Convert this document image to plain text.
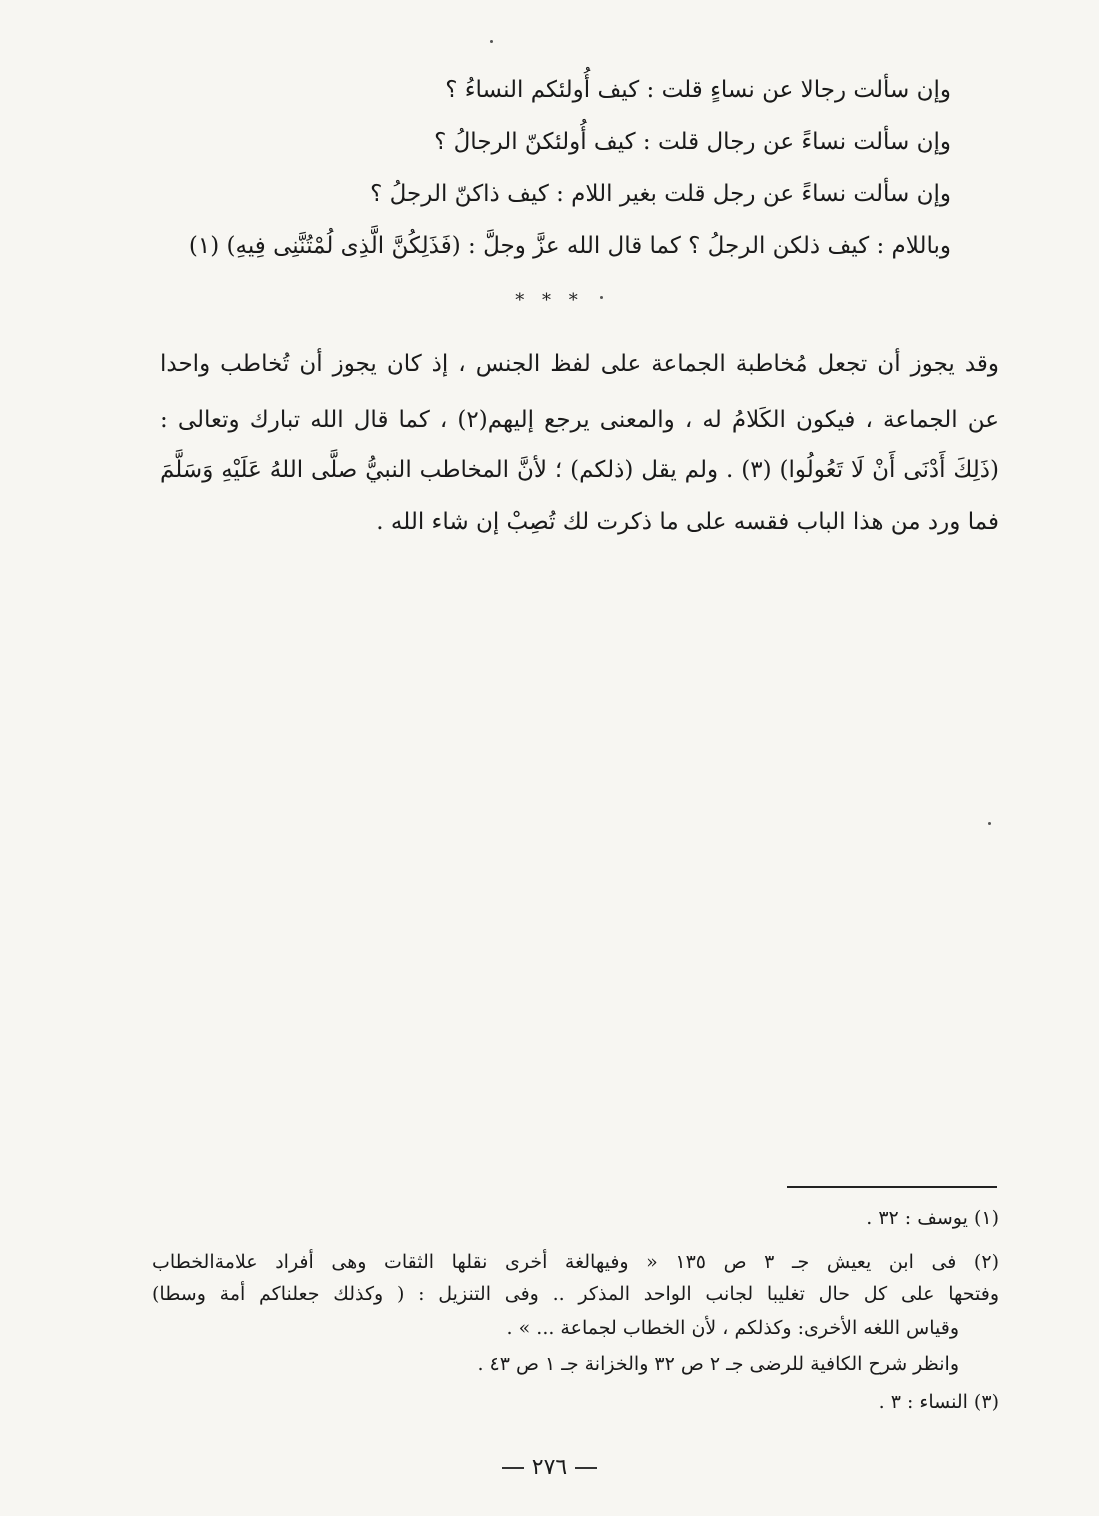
وإن سألت رجالا عن نساءٍ قلت : كيف أُولئكم النساءُ ؟
وإن سألت نساءً عن رجال قلت : كيف أُولئكنّ الرجالُ ؟
وإن سألت نساءً عن رجل قلت بغير اللام : كيف ذاكنّ الرجلُ ؟
وباللام : كيف ذلكن الرجلُ ؟ كما قال الله عزَّ وجلَّ : (فَذَلِكُنَّ الَّذِى لُمْتُنَّنِى فِيهِ) (١)
* * *
وقد يجوز أن تجعل مُخاطبة الجماعة على لفظ الجنس ، إذ كان يجوز أن تُخاطب واحدا
عن الجماعة ، فيكون الكَلامُ له ، والمعنى يرجع إليهم(٢) ، كما قال الله تبارك وتعالى :
(ذَلِكَ أَدْنَى أَنْ لَا تَعُولُوا) (٣) . ولم يقل (ذلكم) ؛ لأنَّ المخاطب النبيُّ صلَّى اللهُ عَلَيْهِ وَسَلَّمَ
فما ورد من هذا الباب فقسه على ما ذكرت لك تُصِبْ إن شاء الله .
(١) يوسف : ٣٢ .
(٢) فى ابن يعيش جـ ٣ ص ١٣٥ « وفيهالغة أخرى نقلها الثقات وهى أفراد علامةالخطاب
وفتحها على كل حال تغليبا لجانب الواحد المذكر .. وفى التنزيل : ( وكذلك جعلناكم أمة وسطا)
وقياس اللغه الأخرى: وكذلكم ، لأن الخطاب لجماعة ... » .
وانظر شرح الكافية للرضى جـ ٢ ص ٣٢ والخزانة جـ ١ ص ٤٣ .
(٣) النساء : ٣ .
٢٧٦
